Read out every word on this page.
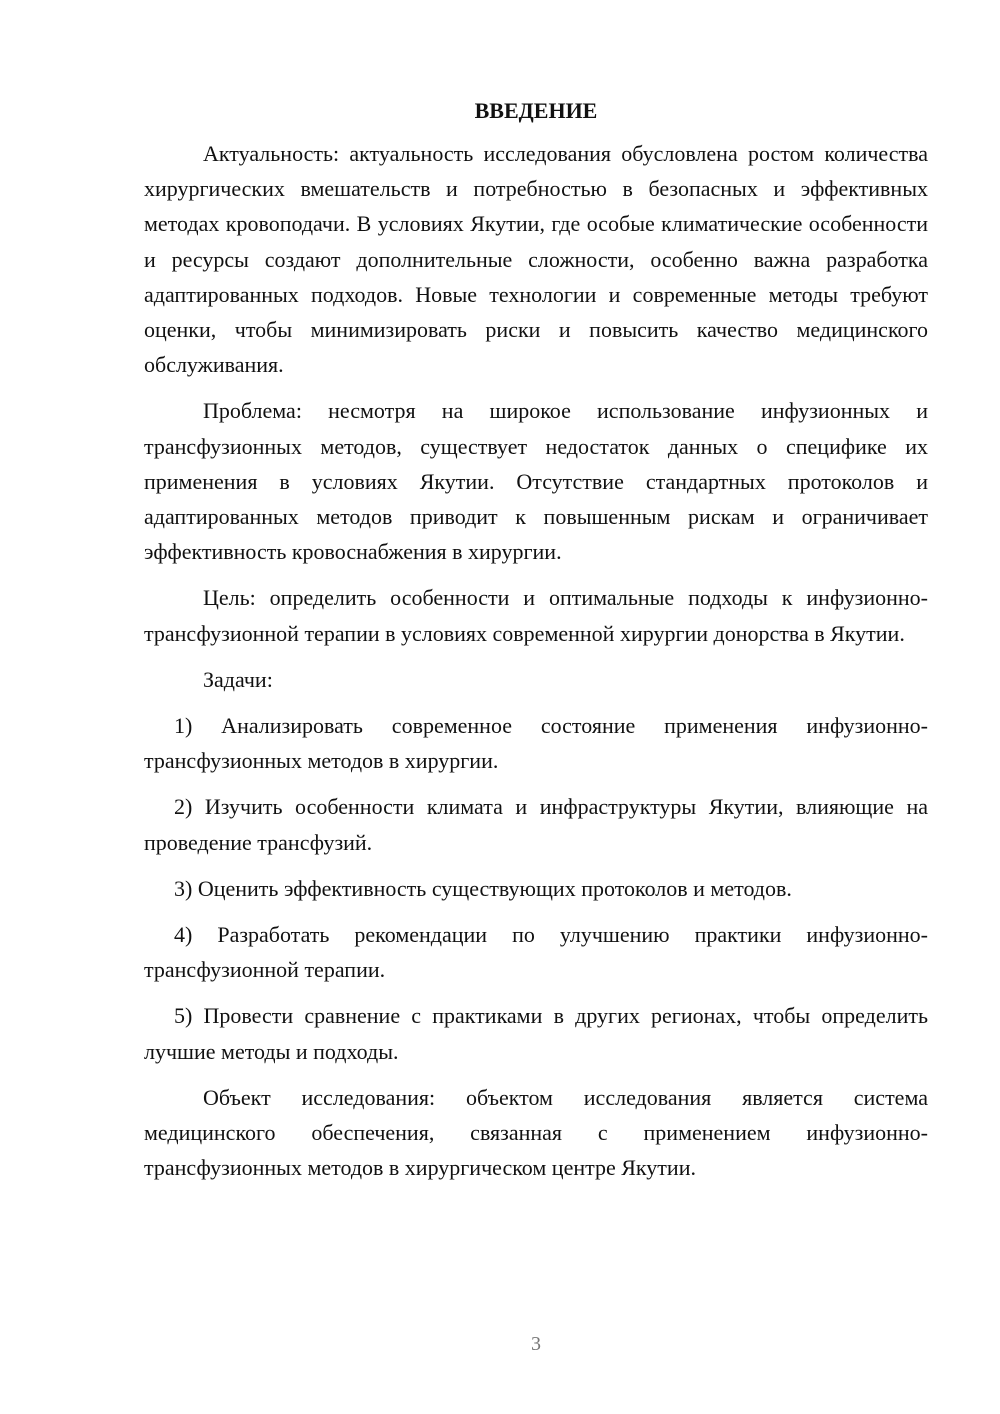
ВВЕДЕНИЕ

Актуальность: актуальность исследования обусловлена ростом количества хирургических вмешательств и потребностью в безопасных и эффективных методах кровоподачи. В условиях Якутии, где особые климатические особенности и ресурсы создают дополнительные сложности, особенно важна разработка адаптированных подходов. Новые технологии и современные методы требуют оценки, чтобы минимизировать риски и повысить качество медицинского обслуживания.

Проблема: несмотря на широкое использование инфузионных и трансфузионных методов, существует недостаток данных о специфике их применения в условиях Якутии. Отсутствие стандартных протоколов и адаптированных методов приводит к повышенным рискам и ограничивает эффективность кровоснабжения в хирургии.

Цель: определить особенности и оптимальные подходы к инфузионно-трансфузионной терапии в условиях современной хирургии донорства в Якутии.

Задачи:

1) Анализировать современное состояние применения инфузионно-трансфузионных методов в хирургии.

2) Изучить особенности климата и инфраструктуры Якутии, влияющие на проведение трансфузий.

3) Оценить эффективность существующих протоколов и методов.

4) Разработать рекомендации по улучшению практики инфузионно-трансфузионной терапии.

5) Провести сравнение с практиками в других регионах, чтобы определить лучшие методы и подходы.

Объект исследования: объектом исследования является система медицинского обеспечения, связанная с применением инфузионно-трансфузионных методов в хирургическом центре Якутии.

3
